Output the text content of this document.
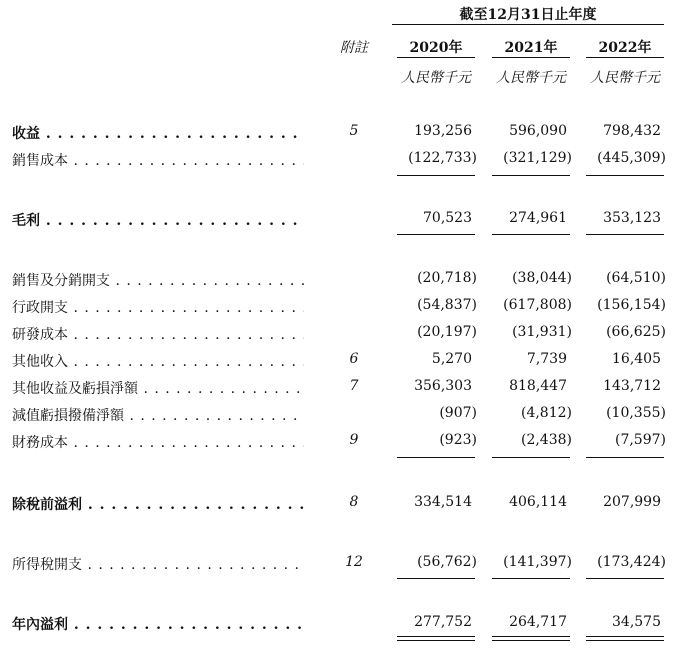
截至12月31日止年度
附註	2020年	2021年	2022年
人民幣千元	人民幣千元	人民幣千元
收益 . . .	5	193,256	596,090	798,432
銷售成本 . . .	(122,733)	(321,129)	(445,309)
毛利 . . .	70,523	274,961	353,123
銷售及分銷開支 . . .	(20,718)	(38,044)	(64,510)
行政開支 . . .	(54,837)	(617,808)	(156,154)
研發成本 . . .	(20,197)	(31,931)	(66,625)
其他收入 . . .	6	5,270	7,739	16,405
其他收益及虧損淨額 . . .	7	356,303	818,447	143,712
減值虧損撥備淨額 . . .	(907)	(4,812)	(10,355)
財務成本 . . .	9	(923)	(2,438)	(7,597)
除稅前溢利 . . .	8	334,514	406,114	207,999
所得稅開支 . . .	12	(56,762)	(141,397)	(173,424)
年內溢利 . . .	277,752	264,717	34,575
